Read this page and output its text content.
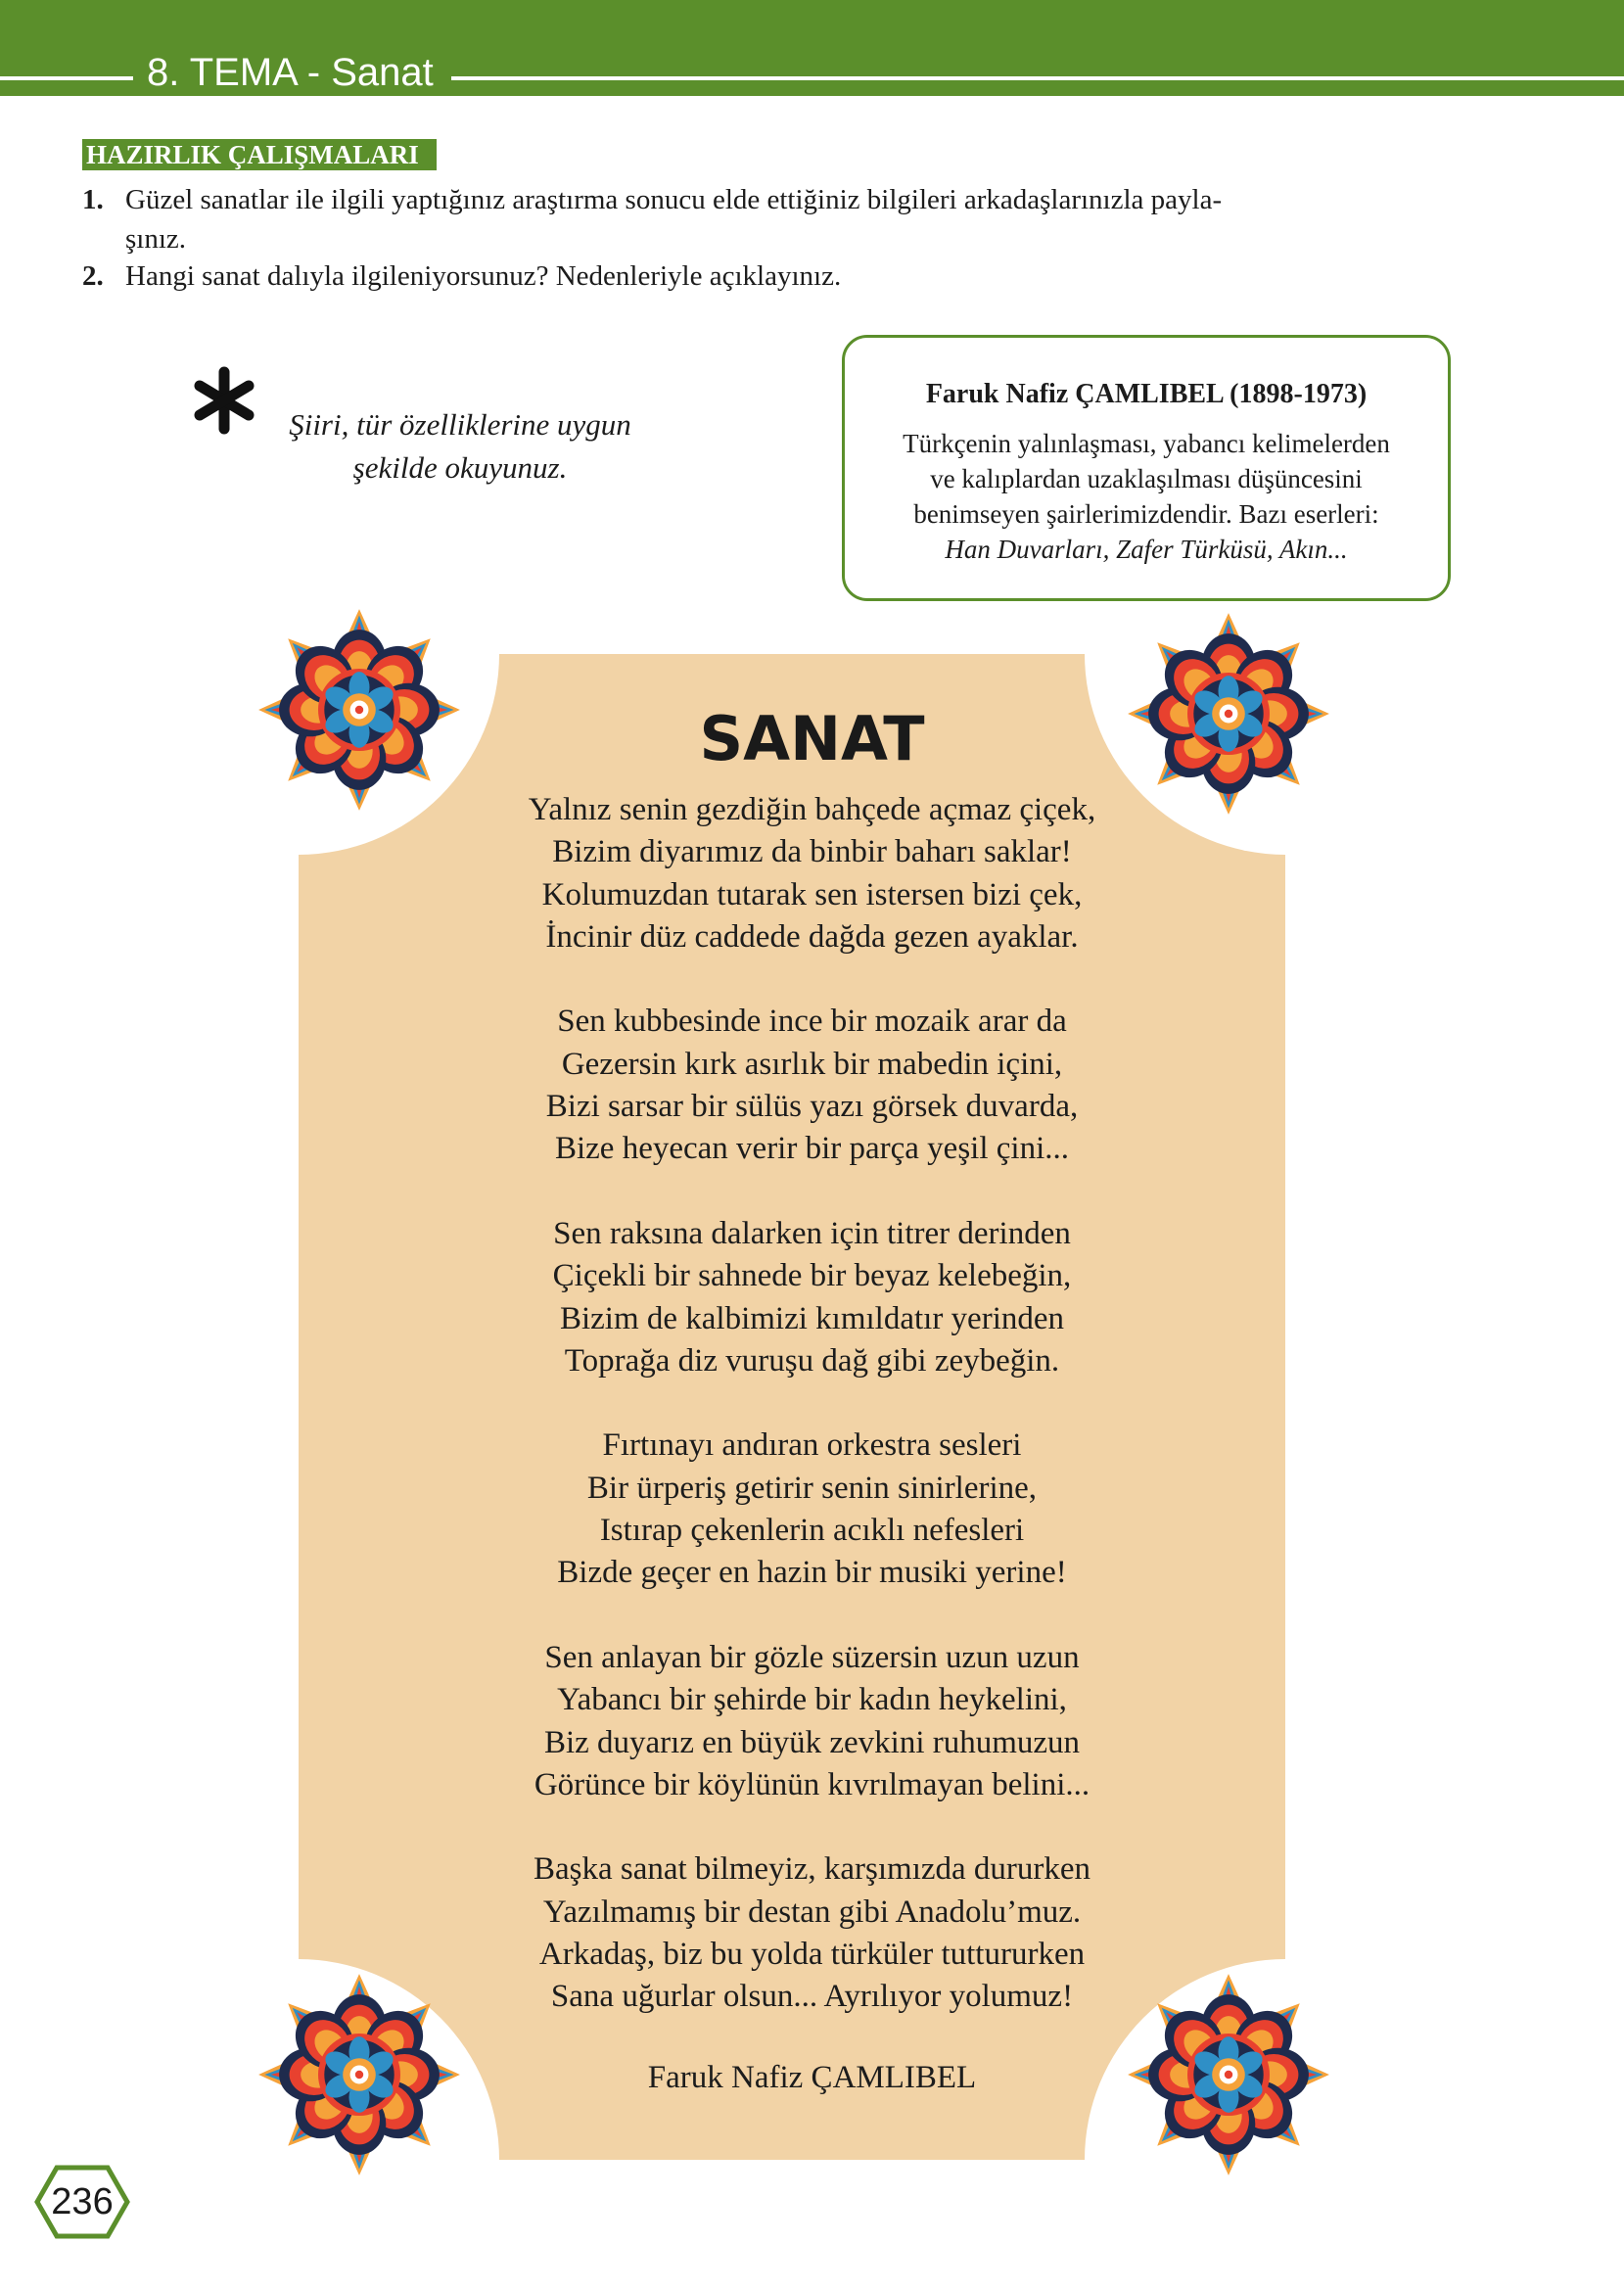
8. TEMA - Sanat
HAZIRLIK ÇALIŞMALARI
1. Güzel sanatlar ile ilgili yaptığınız araştırma sonucu elde ettiğiniz bilgileri arkadaşlarınızla payla-
şınız.
2. Hangi sanat dalıyla ilgileniyorsunuz? Nedenleriyle açıklayınız.
Şiiri, tür özelliklerine uygun
şekilde okuyunuz.
Faruk Nafiz ÇAMLIBEL (1898-1973)
Türkçenin yalınlaşması, yabancı kelimelerden
ve kalıplardan uzaklaşılması düşüncesini
benimseyen şairlerimizdendir. Bazı eserleri:
Han Duvarları, Zafer Türküsü, Akın...
SANAT
Yalnız senin gezdiğin bahçede açmaz çiçek,
Bizim diyarımız da binbir baharı saklar!
Kolumuzdan tutarak sen istersen bizi çek,
İncinir düz caddede dağda gezen ayaklar.
Sen kubbesinde ince bir mozaik arar da
Gezersin kırk asırlık bir mabedin içini,
Bizi sarsar bir sülüs yazı görsek duvarda,
Bize heyecan verir bir parça yeşil çini...
Sen raksına dalarken için titrer derinden
Çiçekli bir sahnede bir beyaz kelebeğin,
Bizim de kalbimizi kımıldatır yerinden
Toprağa diz vuruşu dağ gibi zeybeğin.
Fırtınayı andıran orkestra sesleri
Bir ürperiş getirir senin sinirlerine,
Istırap çekenlerin acıklı nefesleri
Bizde geçer en hazin bir musiki yerine!
Sen anlayan bir gözle süzersin uzun uzun
Yabancı bir şehirde bir kadın heykelini,
Biz duyarız en büyük zevkini ruhumuzun
Görünce bir köylünün kıvrılmayan belini...
Başka sanat bilmeyiz, karşımızda dururken
Yazılmamış bir destan gibi Anadolu’muz.
Arkadaş, biz bu yolda türküler tuttururken
Sana uğurlar olsun... Ayrılıyor yolumuz!
Faruk Nafiz ÇAMLIBEL
236
